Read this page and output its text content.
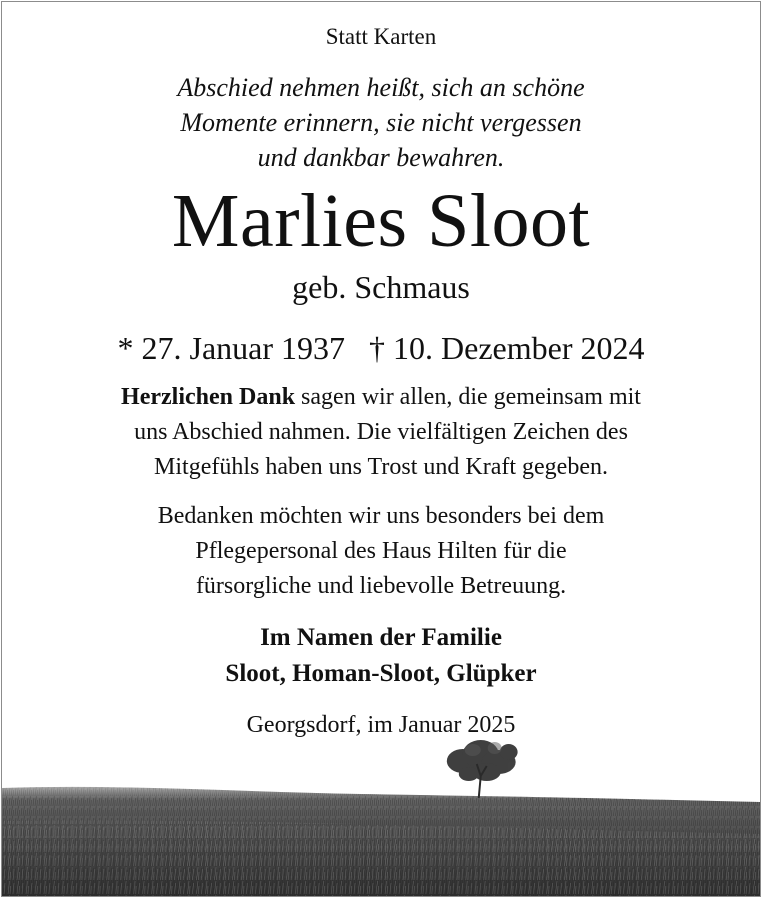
Statt Karten
Abschied nehmen heißt, sich an schöne
Momente erinnern, sie nicht vergessen
und dankbar bewahren.
Marlies Sloot
geb. Schmaus
* 27. Januar 1937   † 10. Dezember 2024
Herzlichen Dank sagen wir allen, die gemeinsam mit
uns Abschied nahmen. Die vielfältigen Zeichen des
Mitgefühls haben uns Trost und Kraft gegeben.
Bedanken möchten wir uns besonders bei dem
Pflegepersonal des Haus Hilten für die
fürsorgliche und liebevolle Betreuung.
Im Namen der Familie
Sloot, Homan-Sloot, Glüpker
Georgsdorf, im Januar 2025
